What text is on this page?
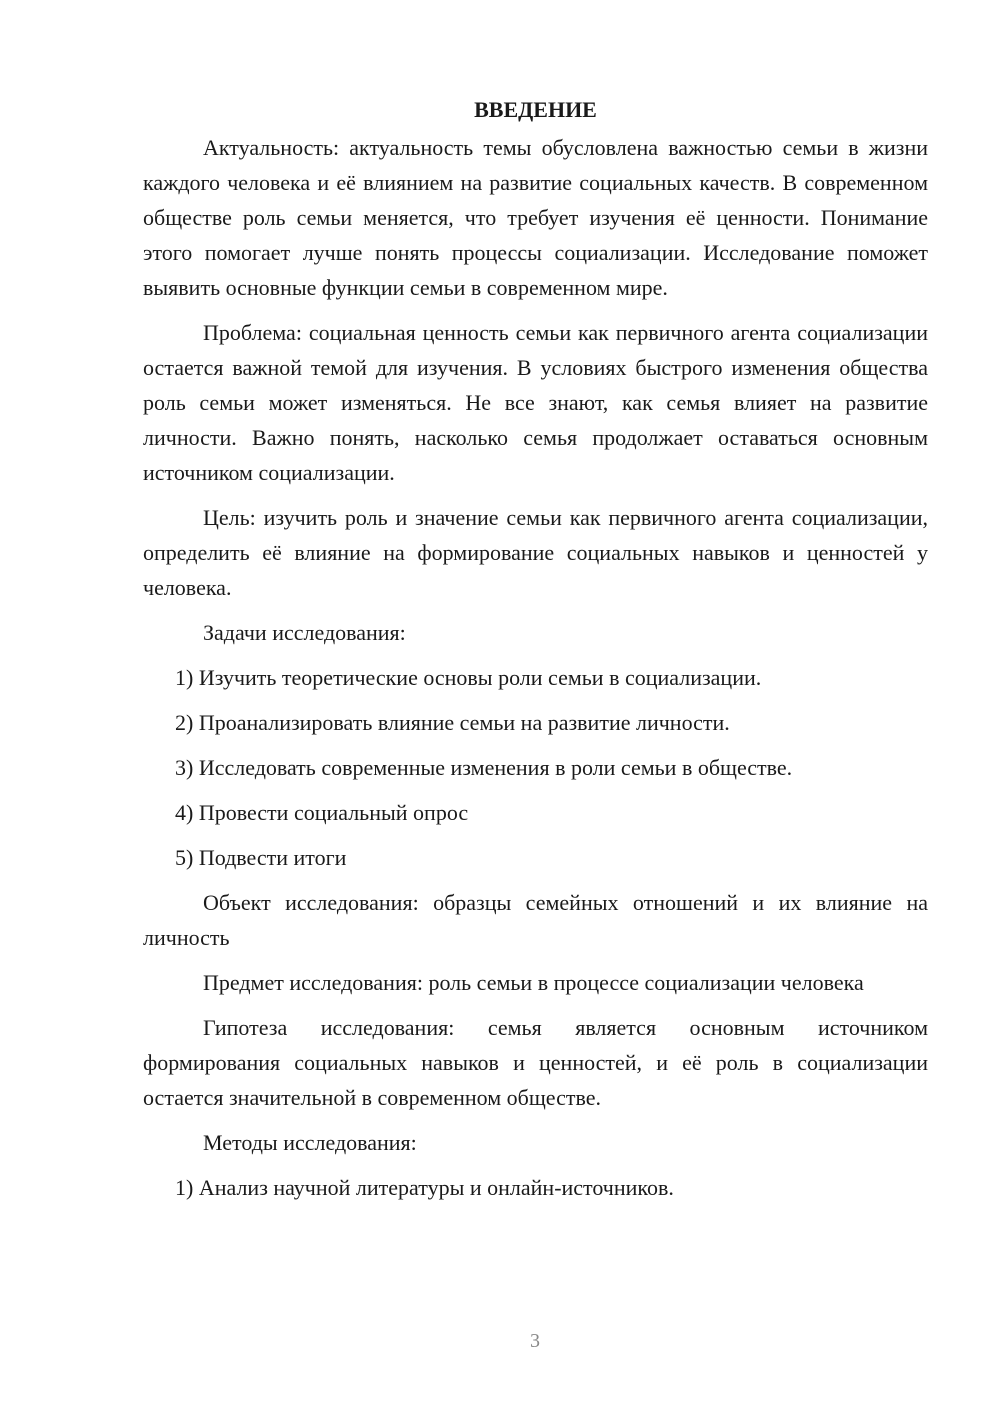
ВВЕДЕНИЕ

Актуальность: актуальность темы обусловлена важностью семьи в жизни каждого человека и её влиянием на развитие социальных качеств. В современном обществе роль семьи меняется, что требует изучения её ценности. Понимание этого помогает лучше понять процессы социализации. Исследование поможет выявить основные функции семьи в современном мире.

Проблема: социальная ценность семьи как первичного агента социализации остается важной темой для изучения. В условиях быстрого изменения общества роль семьи может изменяться. Не все знают, как семья влияет на развитие личности. Важно понять, насколько семья продолжает оставаться основным источником социализации.

Цель: изучить роль и значение семьи как первичного агента социализации, определить её влияние на формирование социальных навыков и ценностей у человека.

Задачи исследования:

1) Изучить теоретические основы роли семьи в социализации.

2) Проанализировать влияние семьи на развитие личности.

3) Исследовать современные изменения в роли семьи в обществе.

4) Провести социальный опрос

5) Подвести итоги

Объект исследования: образцы семейных отношений и их влияние на личность

Предмет исследования: роль семьи в процессе социализации человека

Гипотеза исследования: семья является основным источником формирования социальных навыков и ценностей, и её роль в социализации остается значительной в современном обществе.

Методы исследования:

1) Анализ научной литературы и онлайн-источников.

3
